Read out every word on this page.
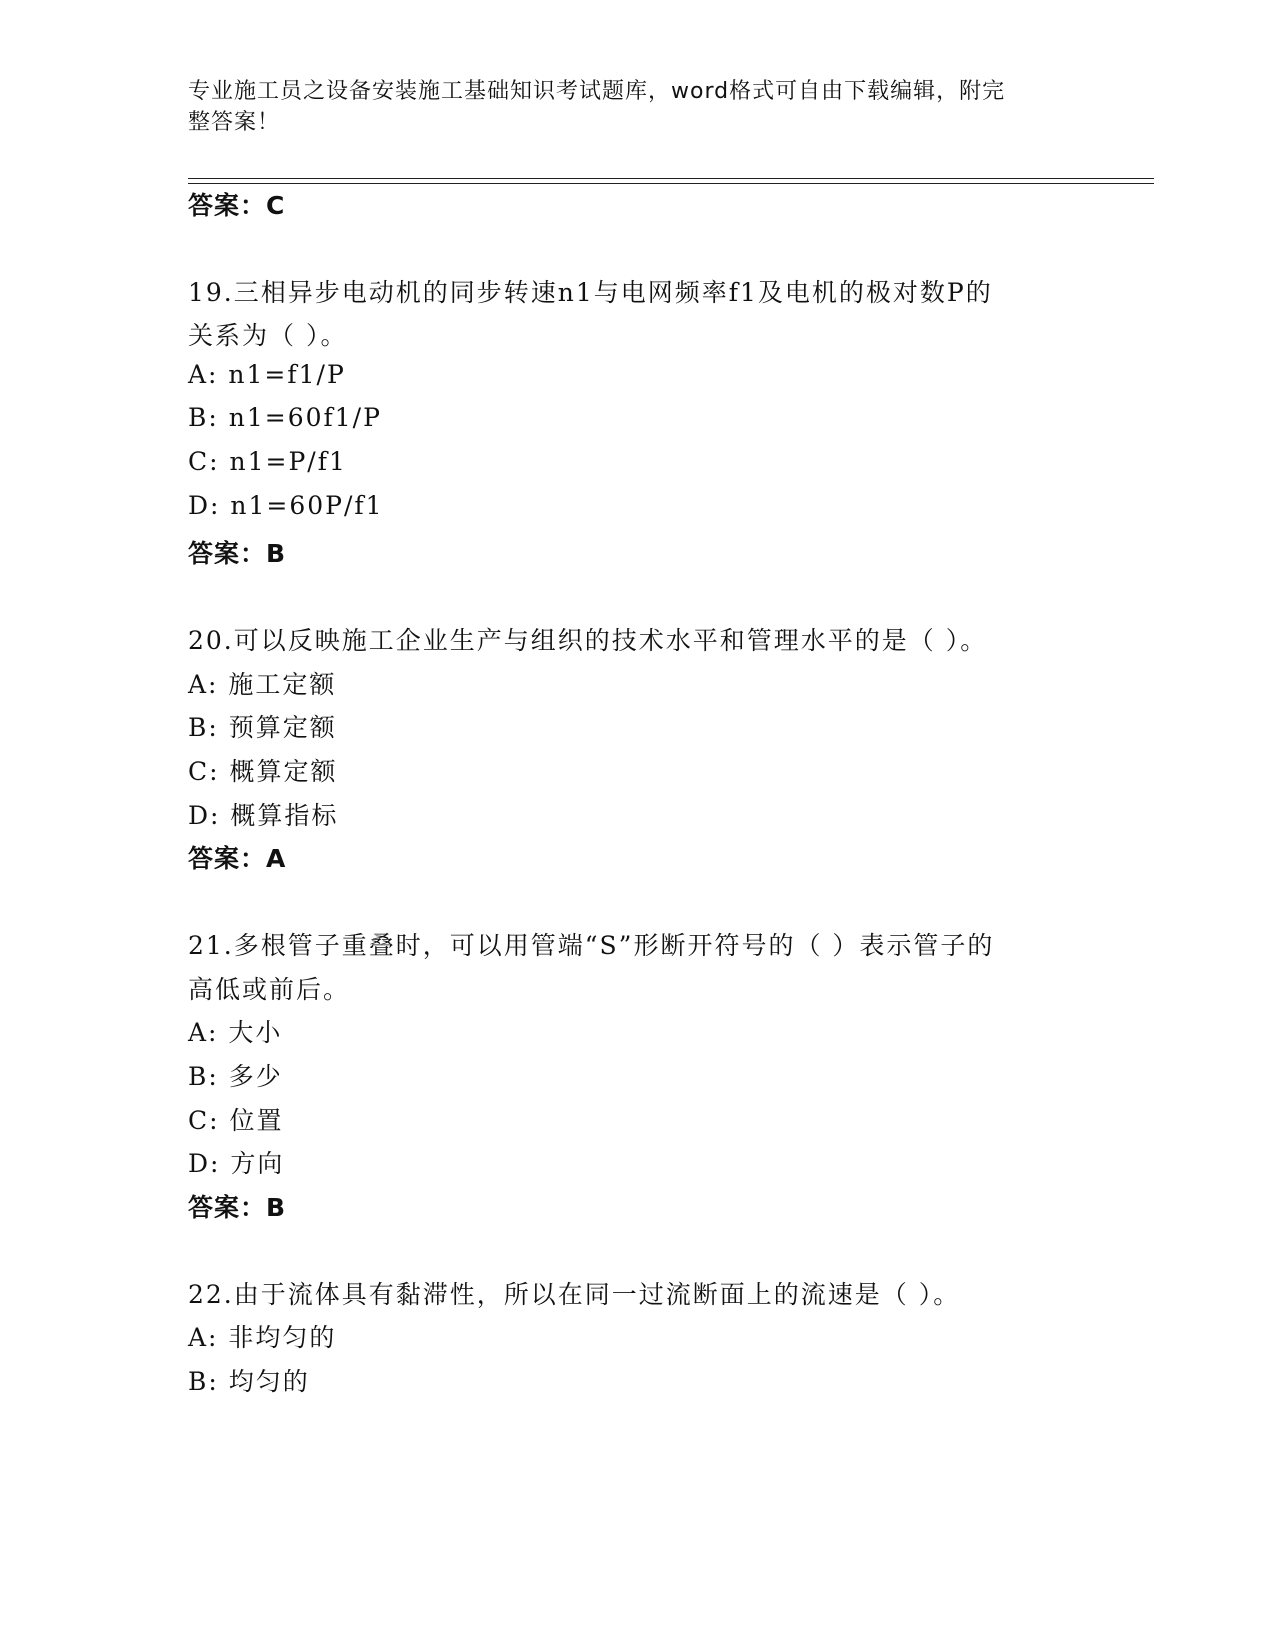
专业施工员之设备安装施工基础知识考试题库，word格式可自由下载编辑，附完
整答案！
答案：C
19.三相异步电动机的同步转速n1与电网频率f1及电机的极对数P的
关系为（ ）。
A: n1=f1/P
B: n1=60f1/P
C: n1=P/f1
D: n1=60P/f1
答案：B
20.可以反映施工企业生产与组织的技术水平和管理水平的是（ ）。
A: 施工定额
B: 预算定额
C: 概算定额
D: 概算指标
答案：A
21.多根管子重叠时，可以用管端“S”形断开符号的（ ）表示管子的
高低或前后。
A: 大小
B: 多少
C: 位置
D: 方向
答案：B
22.由于流体具有黏滞性，所以在同一过流断面上的流速是（ ）。
A: 非均匀的
B: 均匀的
